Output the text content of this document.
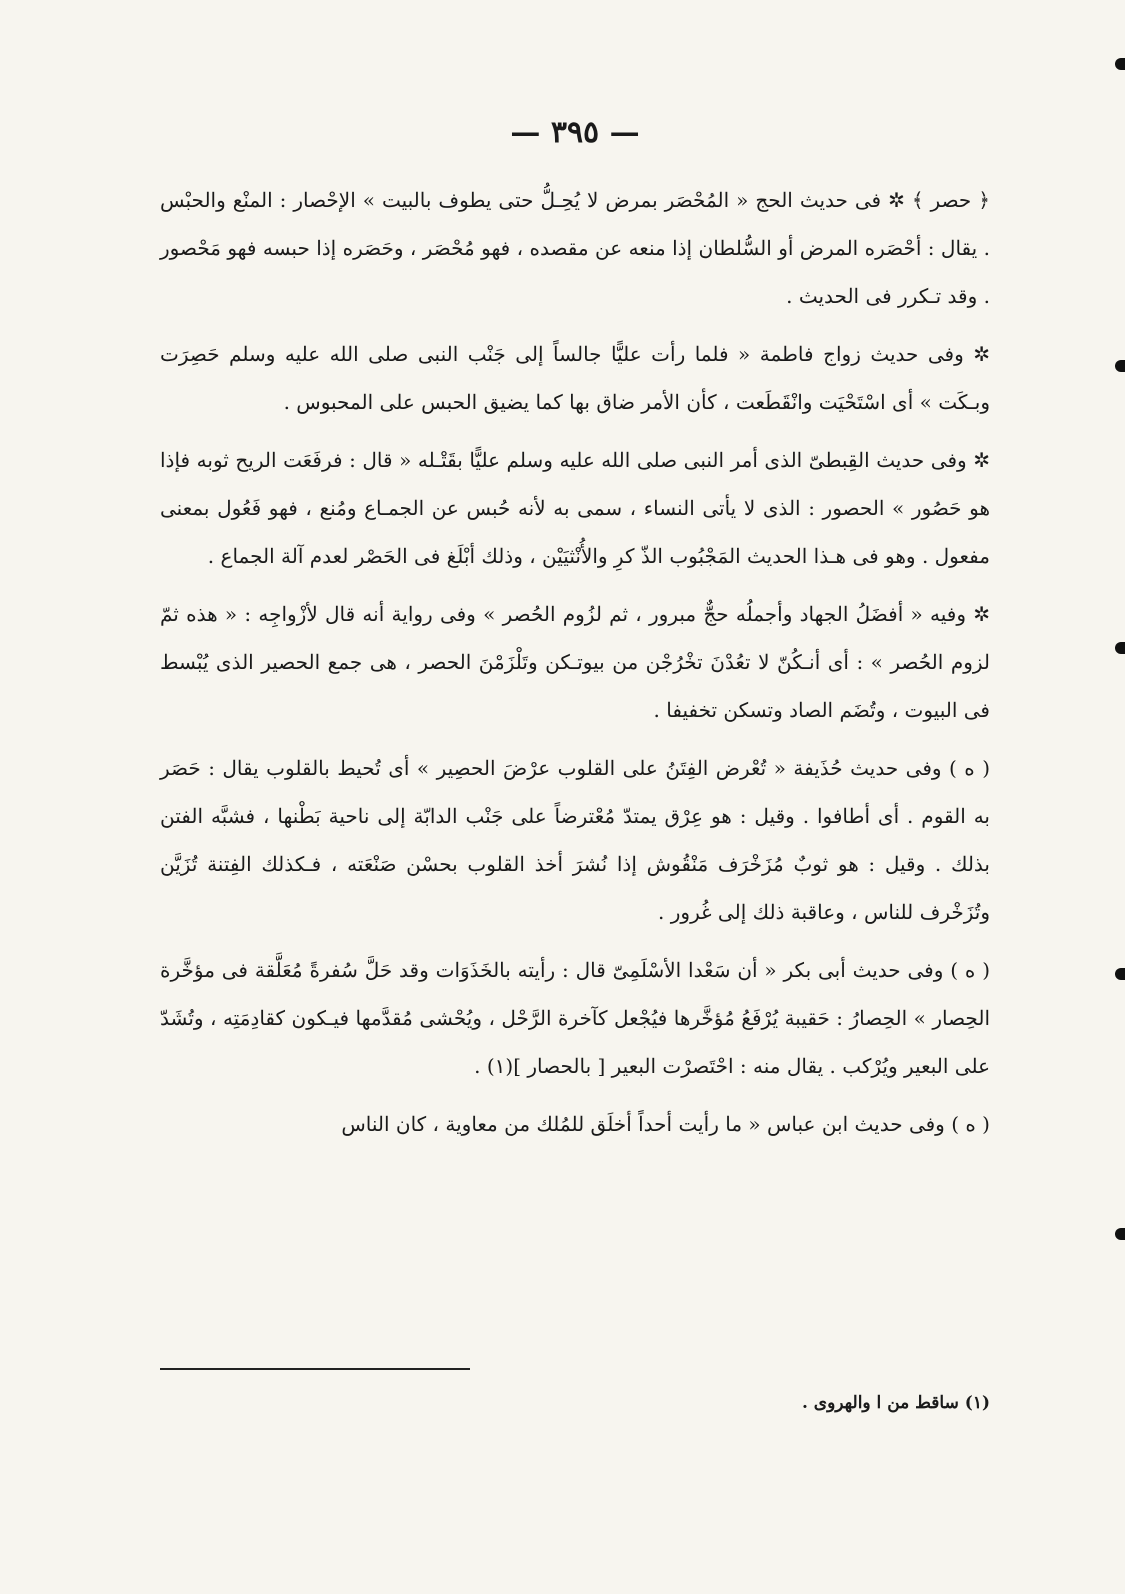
— ٣٩٥ —

﴿ حصر ﴾ ✲ فى حديث الحج « المُحْصَر بمرض لا يُحِـلُّ حتى يطوف بالبيت » الإحْصار : المنْع والحبْس . يقال : أحْصَره المرض أو السُّلطان إذا منعه عن مقصده ، فهو مُحْصَر ، وحَصَره إذا حبسه فهو مَحْصور . وقد تـكرر فى الحديث .

✲ وفى حديث زواج فاطمة « فلما رأت عليًّا جالساً إلى جَنْب النبى صلى الله عليه وسلم حَصِرَت وبـكَت » أى اسْتَحْيَت وانْقَطَعت ، كأن الأمر ضاق بها كما يضيق الحبس على المحبوس .

✲ وفى حديث القِبطىّ الذى أمر النبى صلى الله عليه وسلم عليًّا بقَتْـله « قال : فرفَعَت الريح ثوبه فإذا هو حَصُور » الحصور : الذى لا يأتى النساء ، سمى به لأنه حُبس عن الجمـاع ومُنع ، فهو فَعُول بمعنى مفعول . وهو فى هـذا الحديث المَجْبُوب الذّ كرِ والأُنْثيَيْن ، وذلك أبْلَغ فى الحَصْر لعدم آلة الجماع .

✲ وفيه « أفضَلُ الجهاد وأجملُه حجٌّ مبرور ، ثم لزُوم الحُصر » وفى رواية أنه قال لأزْواجِه : « هذه ثمّ لزوم الحُصر » : أى أنـكُنّ لا تعُدْنَ تخْرُجْن من بيوتـكن وتَلْزَمْنَ الحصر ، هى جمع الحصير الذى يُبْسط فى البيوت ، وتُضَم الصاد وتسكن تخفيفا .

( ه ) وفى حديث حُذَيفة « تُعْرض الفِتَنُ على القلوب عرْضَ الحصِير » أى تُحيط بالقلوب يقال : حَصَر به القوم . أى أطافوا . وقيل : هو عِرْق يمتدّ مُعْترضاً على جَنْب الدابّة إلى ناحية بَطْنها ، فشبَّه الفتن بذلك . وقيل : هو ثوبٌ مُزَخْرَف مَنْقُوش إذا نُشرَ أخذ القلوب بحسْن صَنْعَته ، فـكذلك الفِتنة تُزَيَّن وتُزَخْرف للناس ، وعاقبة ذلك إلى غُرور .

( ه ) وفى حديث أبى بكر « أن سَعْدا الأسْلَمِىّ قال : رأيته بالخَذَوَات وقد حَلَّ سُفرةً مُعَلَّقة فى مؤخَّرة الحِصار » الحِصارُ : حَقيبة يُرْفَعُ مُؤخَّرها فيُجْعل كآخرة الرَّحْل ، ويُحْشى مُقدَّمها فيـكون كقادِمَتِه ، وتُشَدّ على البعير ويُرْكب . يقال منه : احْتَصرْت البعير [ بالحصار ](١) .

( ه ) وفى حديث ابن عباس « ما رأيت أحداً أخلَق للمُلك من معاوية ، كان الناس

(١) ساقط من ا والهروى .
